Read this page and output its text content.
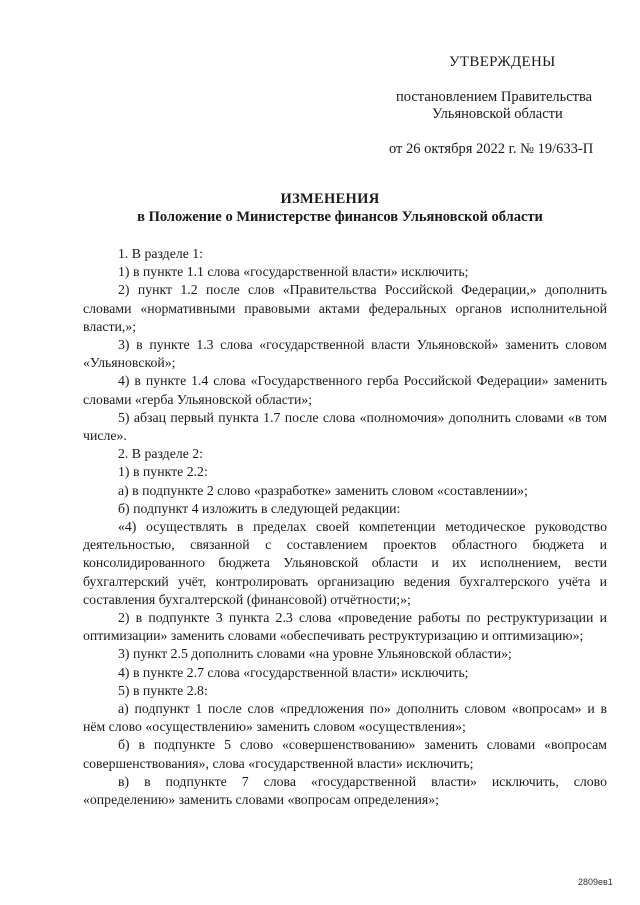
УТВЕРЖДЕНЫ
постановлением Правительства
Ульяновской области
от 26 октября 2022 г. № 19/633-П
ИЗМЕНЕНИЯ
в Положение о Министерстве финансов Ульяновской области

1. В разделе 1:

1) в пункте 1.1 слова «государственной власти» исключить;

2) пункт 1.2 после слов «Правительства Российской Федерации,» дополнить словами «нормативными правовыми актами федеральных органов исполнительной власти,»;

3) в пункте 1.3 слова «государственной власти Ульяновской» заменить словом «Ульяновской»;

4) в пункте 1.4 слова «Государственного герба Российской Федерации» заменить словами «герба Ульяновской области»;

5) абзац первый пункта 1.7 после слова «полномочия» дополнить словами «в том числе».

2. В разделе 2:

1) в пункте 2.2:

а) в подпункте 2 слово «разработке» заменить словом «составлении»;

б) подпункт 4 изложить в следующей редакции:

«4) осуществлять в пределах своей компетенции методическое руководство деятельностью, связанной с составлением проектов областного бюджета и консолидированного бюджета Ульяновской области и их исполнением, вести бухгалтерский учёт, контролировать организацию ведения бухгалтерского учёта и составления бухгалтерской (финансовой) отчётности;»;

2) в подпункте 3 пункта 2.3 слова «проведение работы по реструктуризации и оптимизации» заменить словами «обеспечивать реструктуризацию и оптимизацию»;

3) пункт 2.5 дополнить словами «на уровне Ульяновской области»;

4) в пункте 2.7 слова «государственной власти» исключить;

5) в пункте 2.8:

а) подпункт 1 после слов «предложения по» дополнить словом «вопросам» и в нём слово «осуществлению» заменить словом «осуществления»;

б) в подпункте 5 слово «совершенствованию» заменить словами «вопросам совершенствования», слова «государственной власти» исключить;

в) в подпункте 7 слова «государственной власти» исключить, слово «определению» заменить словами «вопросам определения»;

2809ев1
